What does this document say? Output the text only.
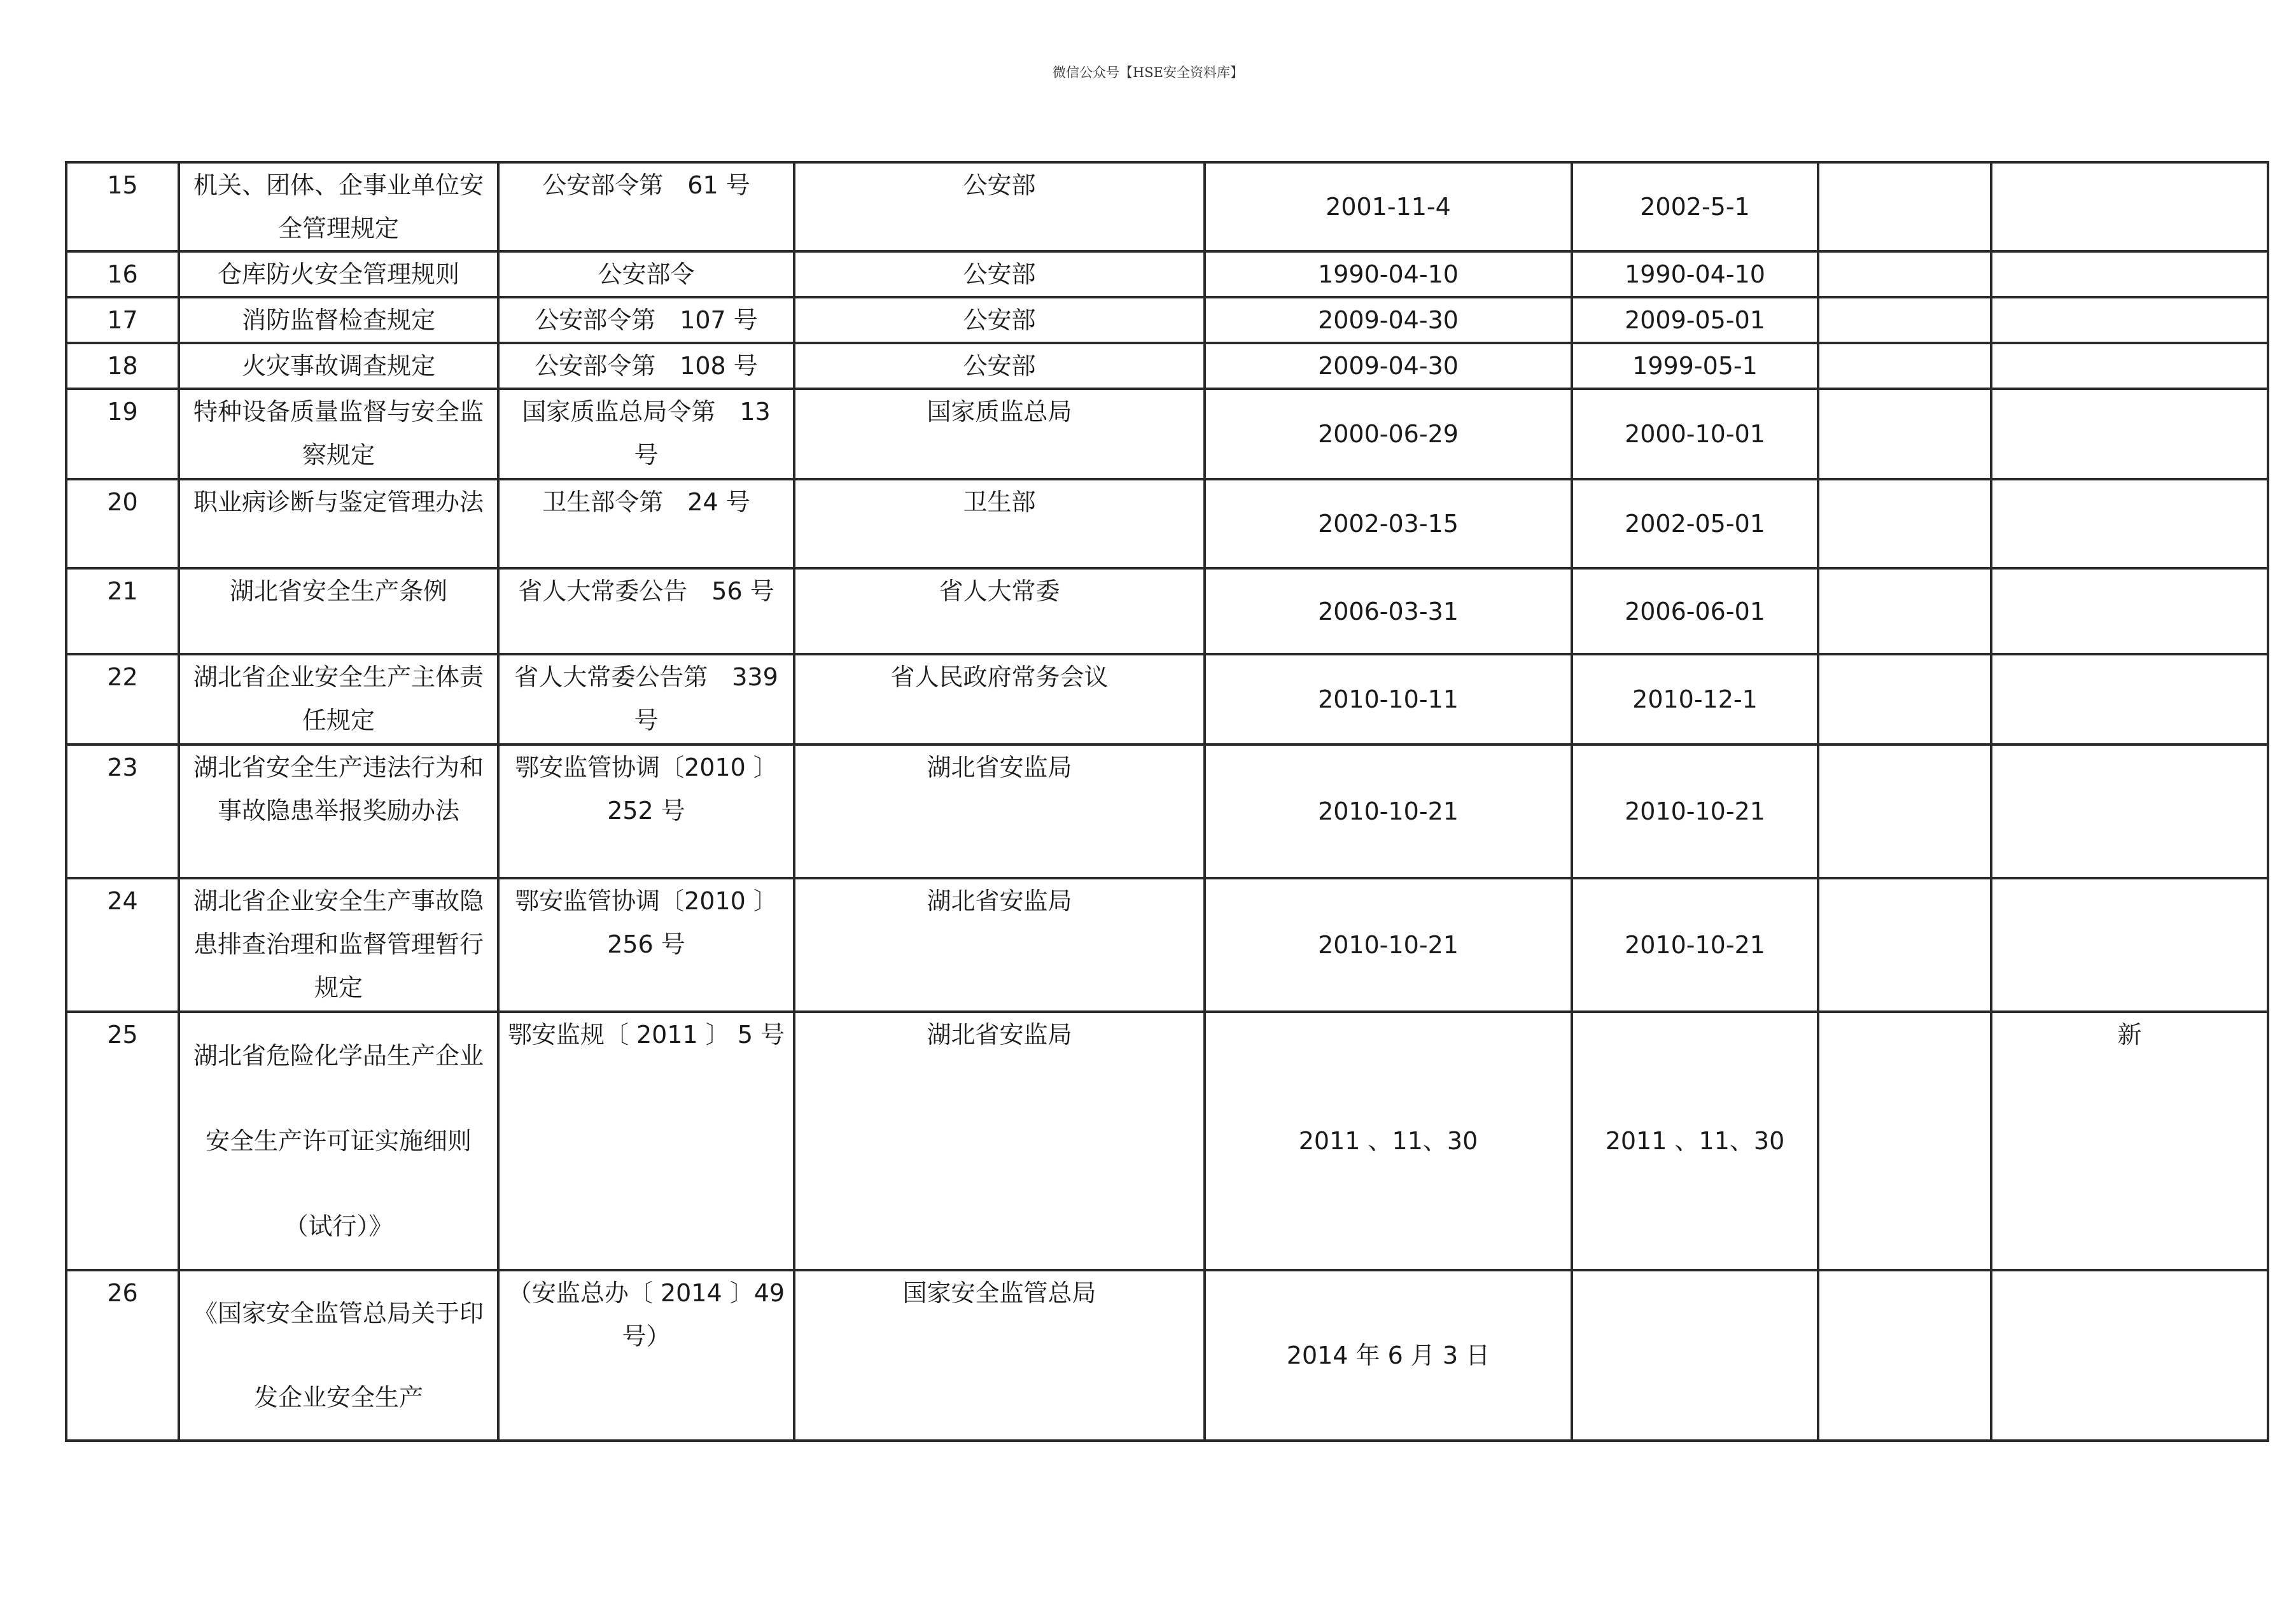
微信公众号【HSE安全资料库】
15	机关、团体、企事业单位安全管理规定	公安部令第　61 号	公安部	2001-11-4	2002-5-1		
16	仓库防火安全管理规则	公安部令	公安部	1990-04-10	1990-04-10		
17	消防监督检查规定	公安部令第　107 号	公安部	2009-04-30	2009-05-01		
18	火灾事故调查规定	公安部令第　108 号	公安部	2009-04-30	1999-05-1		
19	特种设备质量监督与安全监察规定	国家质监总局令第　13 号	国家质监总局	2000-06-29	2000-10-01		
20	职业病诊断与鉴定管理办法	卫生部令第　24 号	卫生部	2002-03-15	2002-05-01		
21	湖北省安全生产条例	省人大常委公告　56 号	省人大常委	2006-03-31	2006-06-01		
22	湖北省企业安全生产主体责任规定	省人大常委公告第　339 号	省人民政府常务会议	2010-10-11	2010-12-1		
23	湖北省安全生产违法行为和事故隐患举报奖励办法	鄂安监管协调〔2010 〕252 号	湖北省安监局	2010-10-21	2010-10-21		
24	湖北省企业安全生产事故隐患排查治理和监督管理暂行规定	鄂安监管协调〔2010 〕256 号	湖北省安监局	2010-10-21	2010-10-21		
25	湖北省危险化学品生产企业安全生产许可证实施细则（试行）》	鄂安监规〔 2011 〕 5 号	湖北省安监局	2011 、11、30	2011 、11、30		新
26	《国家安全监管总局关于印发企业安全生产	（安监总办〔 2014 〕49 号）	国家安全监管总局	2014 年 6 月 3 日			
